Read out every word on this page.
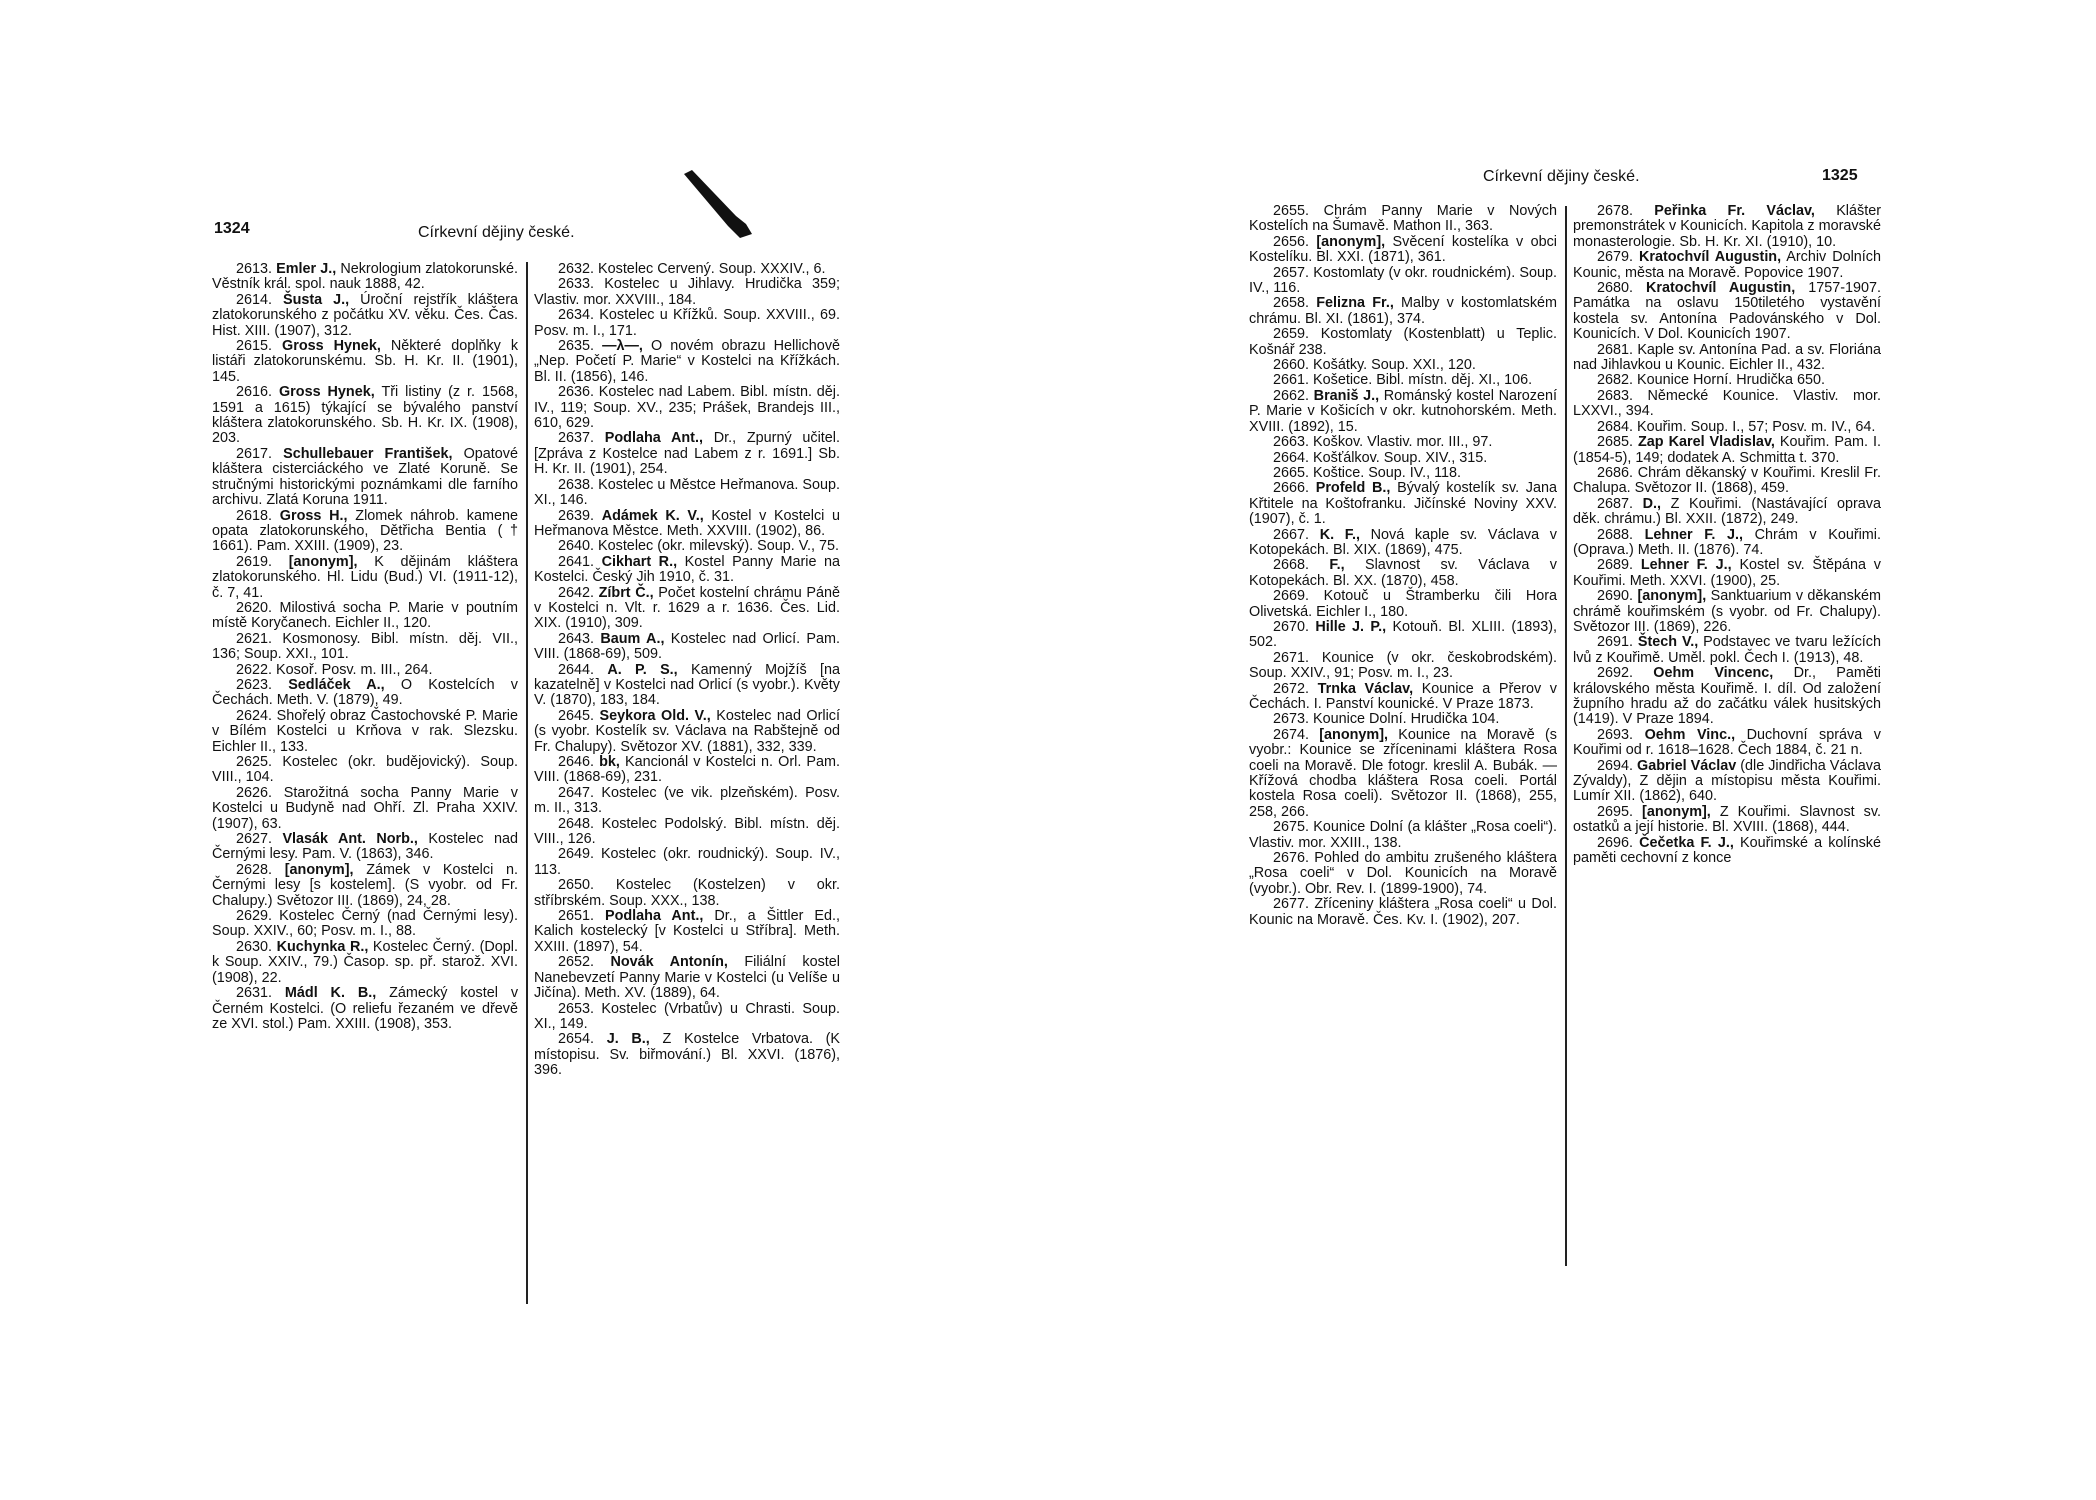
1324	Církevní dějiny české.

2613. Emler J., Nekrologium zlatokorunské. Věstník král. spol. nauk 1888, 42.

2614. Šusta J., Úroční rejstřík kláštera zlatokorunského z počátku XV. věku. Čes. Čas. Hist. XIII. (1907), 312.

2615. Gross Hynek, Některé doplňky k listáři zlatokorunskému. Sb. H. Kr. II. (1901), 145.

2616. Gross Hynek, Tři listiny (z r. 1568, 1591 a 1615) týkající se bývalého panství kláštera zlatokorunského. Sb. H. Kr. IX. (1908), 203.

2617. Schullebauer František, Opatové kláštera cisterciáckého ve Zlaté Koruně. Se stručnými historickými poznámkami dle farního archivu. Zlatá Koruna 1911.

2618. Gross H., Zlomek náhrob. kamene opata zlatokorunského, Dětřicha Bentia († 1661). Pam. XXIII. (1909), 23.

2619. [anonym], K dějinám kláštera zlatokorunského. Hl. Lidu (Bud.) VI. (1911-12), č. 7, 41.

2620. Milostivá socha P. Marie v poutním místě Koryčanech. Eichler II., 120.

2621. Kosmonosy. Bibl. místn. děj. VII., 136; Soup. XXI., 101.

2622. Kosoř. Posv. m. III., 264.

2623. Sedláček A., O Kostelcích v Čechách. Meth. V. (1879), 49.

2624. Shořelý obraz Častochovské P. Marie v Bílém Kostelci u Krňova v rak. Slezsku. Eichler II., 133.

2625. Kostelec (okr. budějovický). Soup. VIII., 104.

2626. Starožitná socha Panny Marie v Kostelci u Budyně nad Ohří. Zl. Praha XXIV. (1907), 63.

2627. Vlasák Ant. Norb., Kostelec nad Černými lesy. Pam. V. (1863), 346.

2628. [anonym], Zámek v Kostelci n. Černými lesy [s kostelem]. (S vyobr. od Fr. Chalupy.) Světozor III. (1869), 24, 28.

2629. Kostelec Černý (nad Černými lesy). Soup. XXIV., 60; Posv. m. I., 88.

2630. Kuchynka R., Kostelec Černý. (Dopl. k Soup. XXIV., 79.) Časop. sp. př. starož. XVI. (1908), 22.

2631. Mádl K. B., Zámecký kostel v Černém Kostelci. (O reliefu řezaném ve dřevě ze XVI. stol.) Pam. XXIII. (1908), 353.

2632. Kostelec Červený. Soup. XXXIV., 6.

2633. Kostelec u Jihlavy. Hrudička 359; Vlastiv. mor. XXVIII., 184.

2634. Kostelec u Křížků. Soup. XXVIII., 69. Posv. m. I., 171.

2635. —λ—, O novém obrazu Hellichově „Nep. Početí P. Marie“ v Kostelci na Křížkách. Bl. II. (1856), 146.

2636. Kostelec nad Labem. Bibl. místn. děj. IV., 119; Soup. XV., 235; Prášek, Brandejs III., 610, 629.

2637. Podlaha Ant., Dr., Zpurný učitel. [Zpráva z Kostelce nad Labem z r. 1691.] Sb. H. Kr. II. (1901), 254.

2638. Kostelec u Městce Heřmanova. Soup. XI., 146.

2639. Adámek K. V., Kostel v Kostelci u Heřmanova Městce. Meth. XXVIII. (1902), 86.

2640. Kostelec (okr. milevský). Soup. V., 75.

2641. Cikhart R., Kostel Panny Marie na Kostelci. Český Jih 1910, č. 31.

2642. Zíbrt Č., Počet kostelní chrámu Páně v Kostelci n. Vlt. r. 1629 a r. 1636. Čes. Lid. XIX. (1910), 309.

2643. Baum A., Kostelec nad Orlicí. Pam. VIII. (1868-69), 509.

2644. A. P. S., Kamenný Mojžíš [na kazatelně] v Kostelci nad Orlicí (s vyobr.). Květy V. (1870), 183, 184.

2645. Seykora Old. V., Kostelec nad Orlicí (s vyobr. Kostelík sv. Václava na Rabštejně od Fr. Chalupy). Světozor XV. (1881), 332, 339.

2646. bk, Kancionál v Kostelci n. Orl. Pam. VIII. (1868-69), 231.

2647. Kostelec (ve vik. plzeňském). Posv. m. II., 313.

2648. Kostelec Podolský. Bibl. místn. děj. VIII., 126.

2649. Kostelec (okr. roudnický). Soup. IV., 113.

2650. Kostelec (Kostelzen) v okr. stříbrském. Soup. XXX., 138.

2651. Podlaha Ant., Dr., a Šittler Ed., Kalich kostelecký [v Kostelci u Stříbra]. Meth. XXIII. (1897), 54.

2652. Novák Antonín, Filiální kostel Nanebevzetí Panny Marie v Kostelci (u Velíše u Jičína). Meth. XV. (1889), 64.

2653. Kostelec (Vrbatův) u Chrasti. Soup. XI., 149.

2654. J. B., Z Kostelce Vrbatova. (K místopisu. Sv. biřmování.) Bl. XXVI. (1876), 396.

Církevní dějiny české.	1325

2655. Chrám Panny Marie v Nových Kostelích na Šumavě. Mathon II., 363.

2656. [anonym], Svěcení kostelíka v obci Kostelíku. Bl. XXI. (1871), 361.

2657. Kostomlaty (v okr. roudnickém). Soup. IV., 116.

2658. Felizna Fr., Malby v kostomlatském chrámu. Bl. XI. (1861), 374.

2659. Kostomlaty (Kostenblatt) u Teplic. Košnář 238.

2660. Košátky. Soup. XXI., 120.

2661. Košetice. Bibl. místn. děj. XI., 106.

2662. Braniš J., Románský kostel Narození P. Marie v Košicích v okr. kutnohorském. Meth. XVIII. (1892), 15.

2663. Koškov. Vlastiv. mor. III., 97.

2664. Košťálkov. Soup. XIV., 315.

2665. Koštice. Soup. IV., 118.

2666. Profeld B., Bývalý kostelík sv. Jana Křtitele na Koštofranku. Jičínské Noviny XXV. (1907), č. 1.

2667. K. F., Nová kaple sv. Václava v Kotopekách. Bl. XIX. (1869), 475.

2668. F., Slavnost sv. Václava v Kotopekách. Bl. XX. (1870), 458.

2669. Kotouč u Štramberku čili Hora Olivetská. Eichler I., 180.

2670. Hille J. P., Kotouň. Bl. XLIII. (1893), 502.

2671. Kounice (v okr. českobrodském). Soup. XXIV., 91; Posv. m. I., 23.

2672. Trnka Václav, Kounice a Přerov v Čechách. I. Panství kounické. V Praze 1873.

2673. Kounice Dolní. Hrudička 104.

2674. [anonym], Kounice na Moravě (s vyobr.: Kounice se zříceninami kláštera Rosa coeli na Moravě. Dle fotogr. kreslil A. Bubák. — Křížová chodba kláštera Rosa coeli. Portál kostela Rosa coeli). Světozor II. (1868), 255, 258, 266.

2675. Kounice Dolní (a klášter „Rosa coeli“). Vlastiv. mor. XXIII., 138.

2676. Pohled do ambitu zrušeného kláštera „Rosa coeli“ v Dol. Kounicích na Moravě (vyobr.). Obr. Rev. I. (1899-1900), 74.

2677. Zříceniny kláštera „Rosa coeli“ u Dol. Kounic na Moravě. Čes. Kv. I. (1902), 207.

2678. Peřinka Fr. Václav, Klášter premonstrátek v Kounicích. Kapitola z moravské monasterologie. Sb. H. Kr. XI. (1910), 10.

2679. Kratochvíl Augustin, Archiv Dolních Kounic, města na Moravě. Popovice 1907.

2680. Kratochvíl Augustin, 1757-1907. Památka na oslavu 150tiletého vystavění kostela sv. Antonína Padovánského v Dol. Kounicích. V Dol. Kounicích 1907.

2681. Kaple sv. Antonína Pad. a sv. Floriána nad Jihlavkou u Kounic. Eichler II., 432.

2682. Kounice Horní. Hrudička 650.

2683. Německé Kounice. Vlastiv. mor. LXXVI., 394.

2684. Kouřim. Soup. I., 57; Posv. m. IV., 64.

2685. Zap Karel Vladislav, Kouřim. Pam. I. (1854-5), 149; dodatek A. Schmitta t. 370.

2686. Chrám děkanský v Kouřimi. Kreslil Fr. Chalupa. Světozor II. (1868), 459.

2687. D., Z Kouřimi. (Nastávající oprava děk. chrámu.) Bl. XXII. (1872), 249.

2688. Lehner F. J., Chrám v Kouřimi. (Oprava.) Meth. II. (1876). 74.

2689. Lehner F. J., Kostel sv. Štěpána v Kouřimi. Meth. XXVI. (1900), 25.

2690. [anonym], Sanktuarium v děkanském chrámě kouřimském (s vyobr. od Fr. Chalupy). Světozor III. (1869), 226.

2691. Štech V., Podstavec ve tvaru ležících lvů z Kouřimě. Uměl. pokl. Čech I. (1913), 48.

2692. Oehm Vincenc, Dr., Paměti královského města Kouřimě. I. díl. Od založení župního hradu až do začátku válek husitských (1419). V Praze 1894.

2693. Oehm Vinc., Duchovní správa v Kouřimi od r. 1618–1628. Čech 1884, č. 21 n.

2694. Gabriel Václav (dle Jindřicha Václava Zývaldy), Z dějin a místopisu města Kouřimi. Lumír XII. (1862), 640.

2695. [anonym], Z Kouřimi. Slavnost sv. ostatků a její historie. Bl. XVIII. (1868), 444.

2696. Čečetka F. J., Kouřimské a kolínské paměti cechovní z konce
